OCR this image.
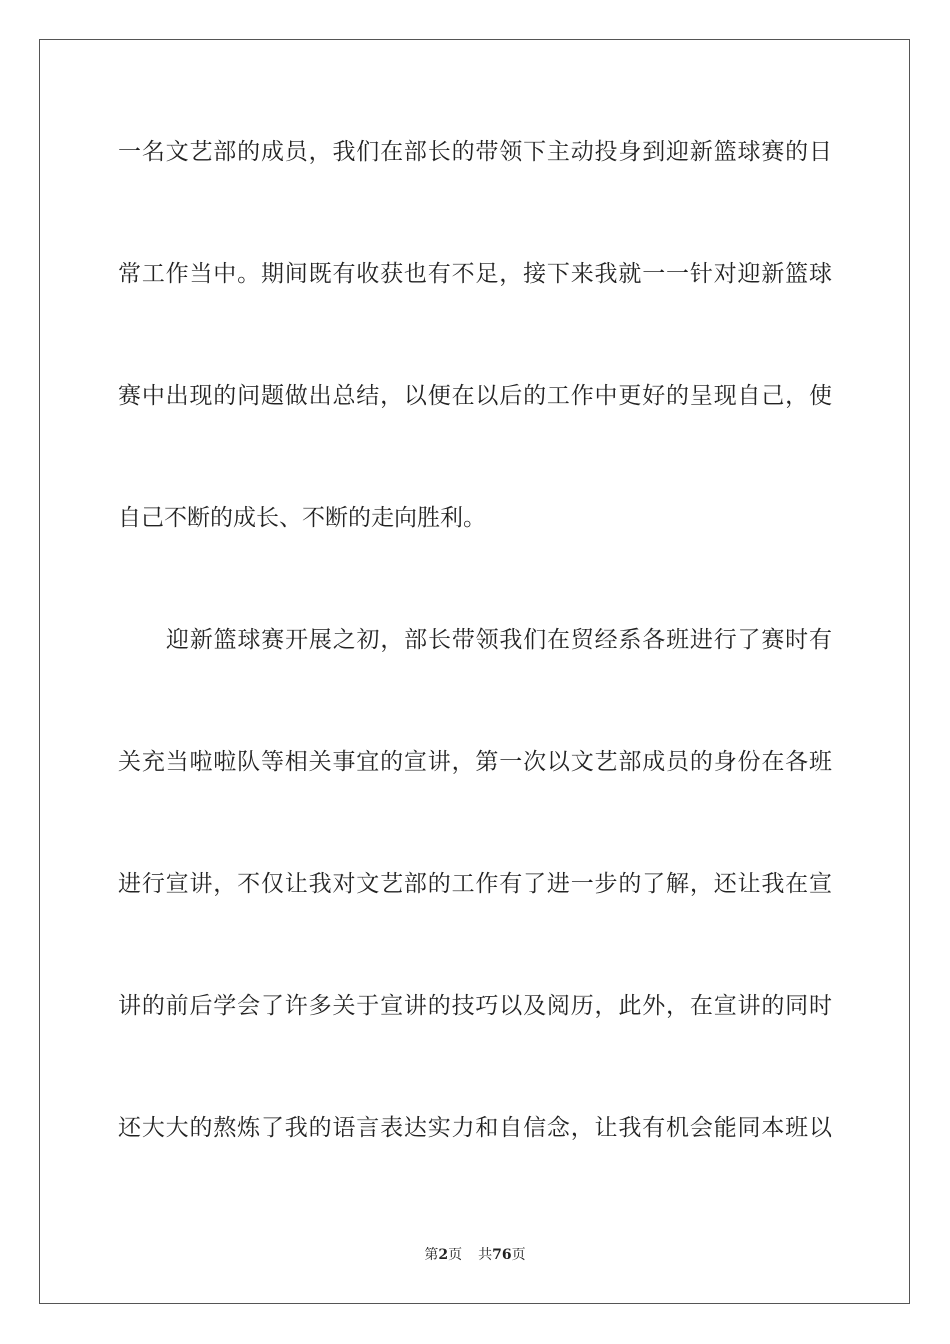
一名文艺部的成员，我们在部长的带领下主动投身到迎新篮球赛的日
常工作当中。期间既有收获也有不足，接下来我就一一针对迎新篮球
赛中出现的问题做出总结，以便在以后的工作中更好的呈现自己，使
自己不断的成长、不断的走向胜利。
迎新篮球赛开展之初，部长带领我们在贸经系各班进行了赛时有
关充当啦啦队等相关事宜的宣讲，第一次以文艺部成员的身份在各班
进行宣讲，不仅让我对文艺部的工作有了进一步的了解，还让我在宣
讲的前后学会了许多关于宣讲的技巧以及阅历，此外，在宣讲的同时
还大大的熬炼了我的语言表达实力和自信念，让我有机会能同本班以
第2页 共76页
